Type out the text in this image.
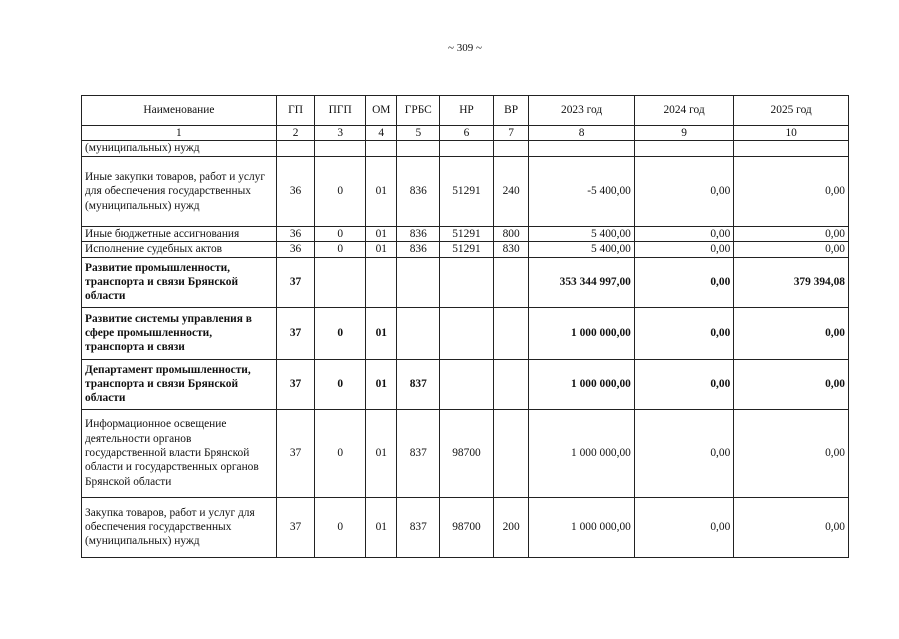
~ 309 ~
Наименование	ГП	ПГП	ОМ	ГРБС	НР	ВР	2023 год	2024 год	2025 год
1	2	3	4	5	6	7	8	9	10
(муниципальных) нужд									
Иные закупки товаров, работ и услуг для обеспечения государственных (муниципальных) нужд	36	0	01	836	51291	240	-5 400,00	0,00	0,00
Иные бюджетные ассигнования	36	0	01	836	51291	800	5 400,00	0,00	0,00
Исполнение судебных актов	36	0	01	836	51291	830	5 400,00	0,00	0,00
Развитие промышленности, транспорта и связи Брянской области	37						353 344 997,00	0,00	379 394,08
Развитие системы управления в сфере промышленности, транспорта и связи	37	0	01				1 000 000,00	0,00	0,00
Департамент промышленности, транспорта и связи Брянской области	37	0	01	837			1 000 000,00	0,00	0,00
Информационное освещение деятельности органов государственной власти Брянской области и государственных органов Брянской области	37	0	01	837	98700		1 000 000,00	0,00	0,00
Закупка товаров, работ и услуг для обеспечения государственных (муниципальных) нужд	37	0	01	837	98700	200	1 000 000,00	0,00	0,00
